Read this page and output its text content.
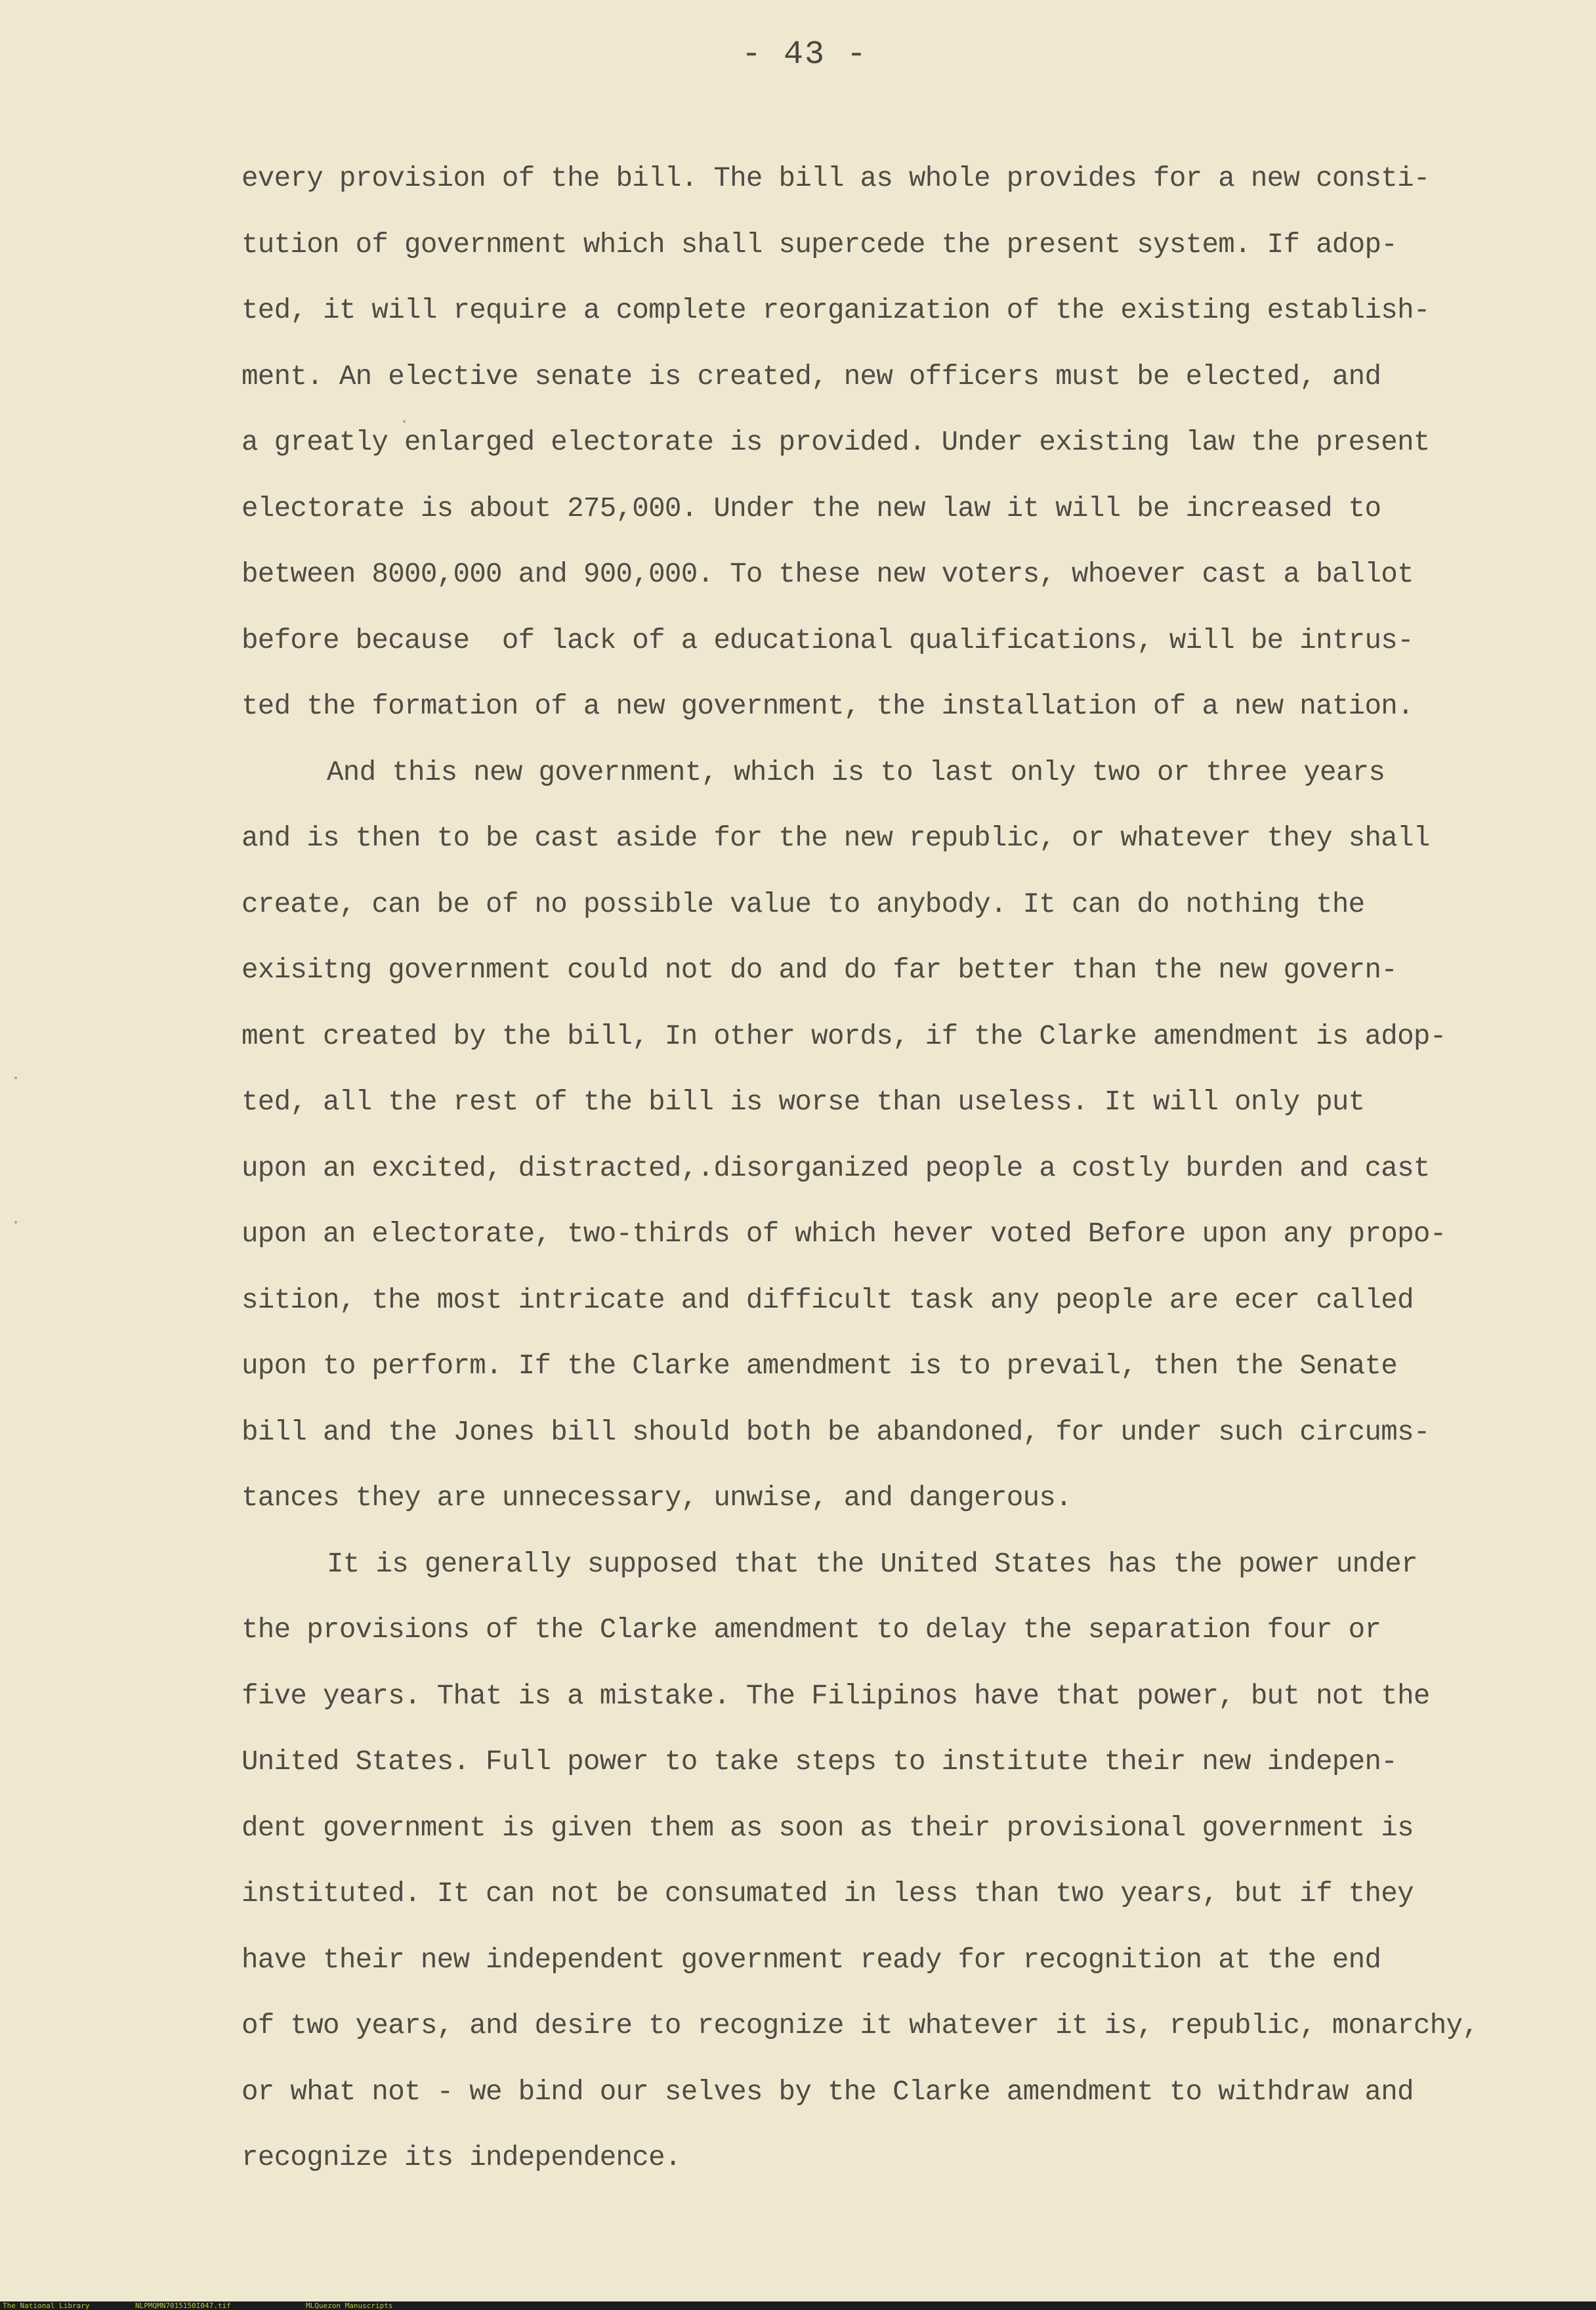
- 43 -
every provision of the bill. The bill as whole provides for a new consti-
tution of government which shall supercede the present system. If adop-
ted, it will require a complete reorganization of the existing establish-
ment. An elective senate is created, new officers must be elected, and
a greatly enlarged electorate is provided. Under existing law the present
electorate is about 275,000. Under the new law it will be increased to
between 8000,000 and 900,000. To these new voters, whoever cast a ballot
before because  of lack of a educational qualifications, will be intrus-
ted the formation of a new government, the installation of a new nation.
And this new government, which is to last only two or three years
and is then to be cast aside for the new republic, or whatever they shall
create, can be of no possible value to anybody. It can do nothing the
exisitng government could not do and do far better than the new govern-
ment created by the bill, In other words, if the Clarke amendment is adop-
ted, all the rest of the bill is worse than useless. It will only put
upon an excited, distracted,.disorganized people a costly burden and cast
upon an electorate, two-thirds of which hever voted Before upon any propo-
sition, the most intricate and difficult task any people are ecer called
upon to perform. If the Clarke amendment is to prevail, then the Senate
bill and the Jones bill should both be abandoned, for under such circums-
tances they are unnecessary, unwise, and dangerous.
It is generally supposed that the United States has the power under
the provisions of the Clarke amendment to delay the separation four or
five years. That is a mistake. The Filipinos have that power, but not the
United States. Full power to take steps to institute their new indepen-
dent government is given them as soon as their provisional government is
instituted. It can not be consumated in less than two years, but if they
have their new independent government ready for recognition at the end
of two years, and desire to recognize it whatever it is, republic, monarchy,
or what not - we bind our selves by the Clarke amendment to withdraw and
recognize its independence.
The National Library	NLPMQMN7015150I047.tif	MLQuezon Manuscripts
